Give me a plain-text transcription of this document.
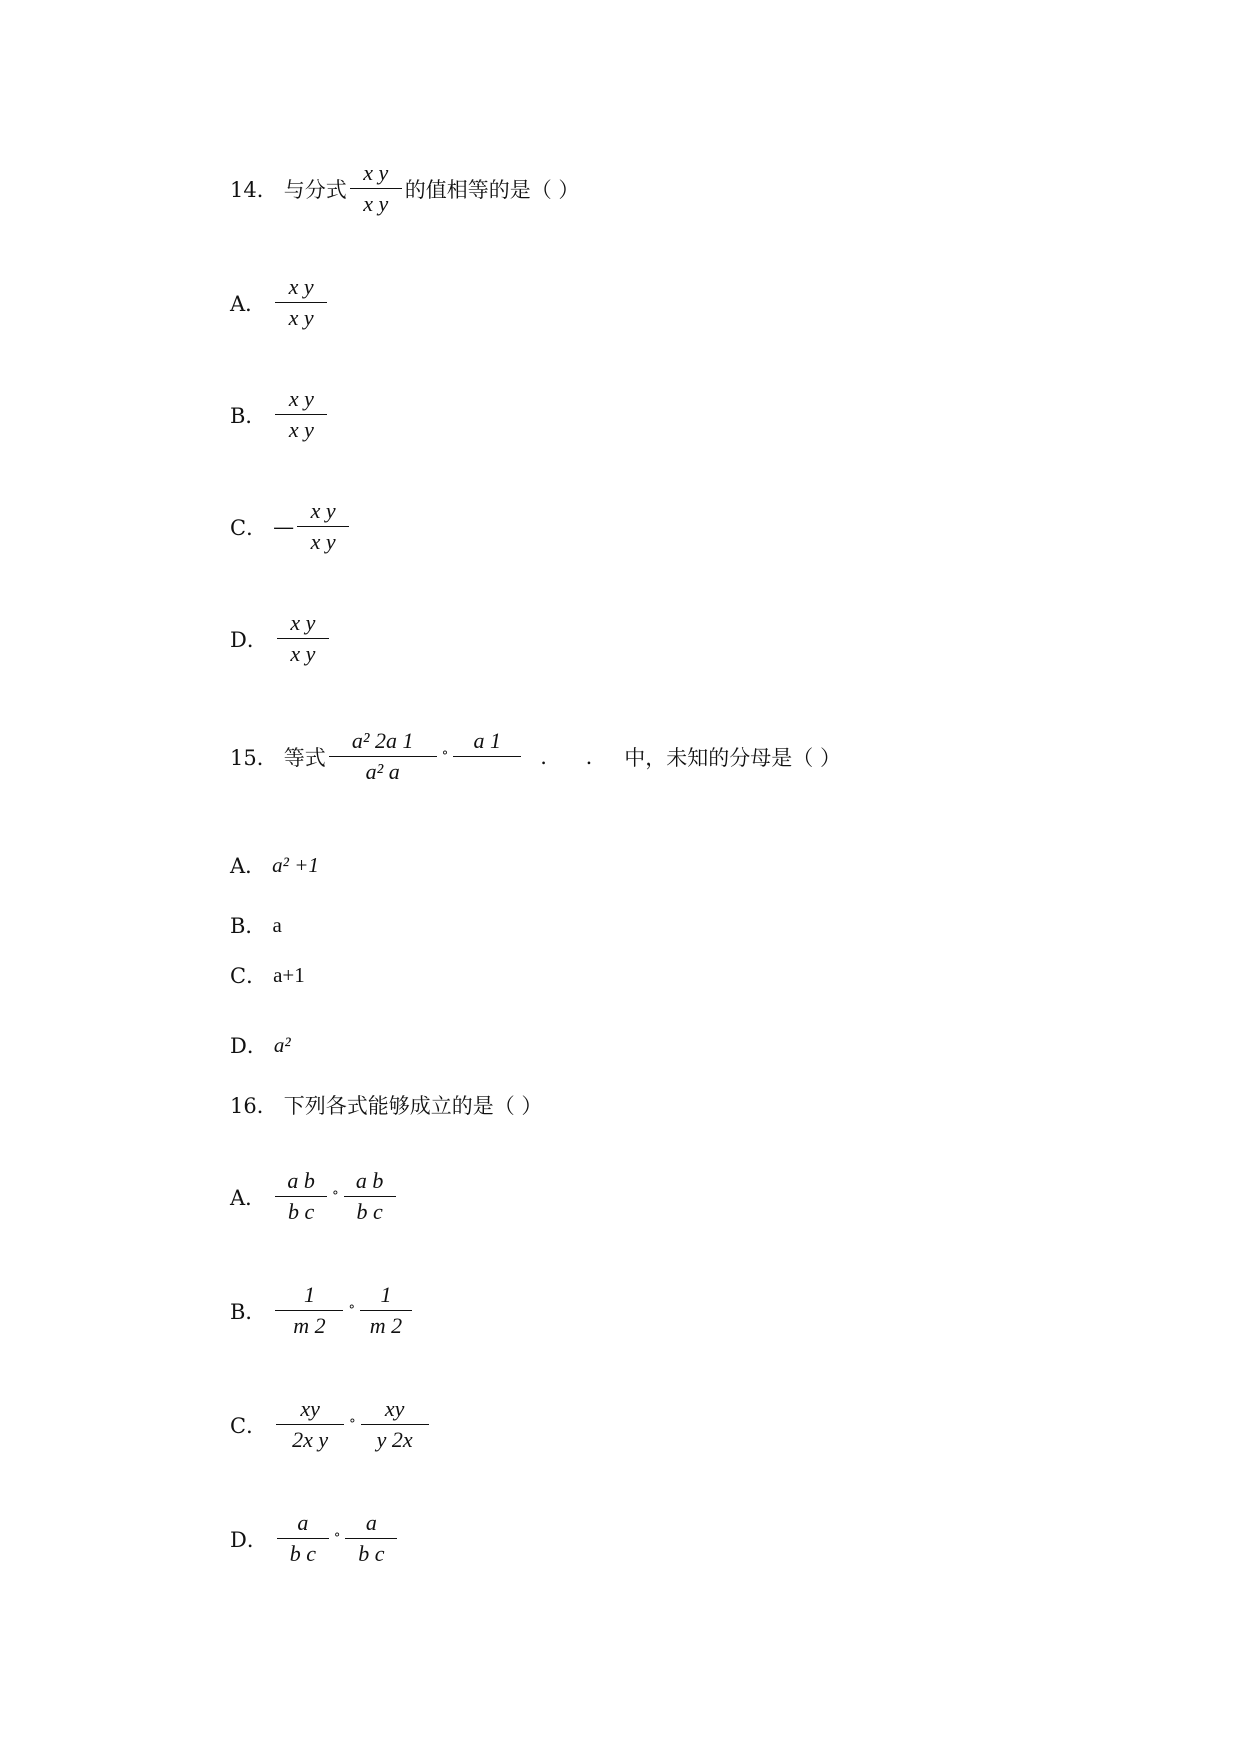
14． 与分式 $\frac{\text{x y}}{\text{x y}}$ 的值相等的是（ ）
A． $\frac{\text{x y}}{\text{x y}}$
B． $\frac{\text{x y}}{\text{x y}}$
C． — $\frac{\text{x y}}{\text{x y}}$
D． $\frac{\text{x y}}{\text{x y}}$
15． 等式 $\frac{\text{a² 2a 1}}{\text{a² a}}$ °
a 1

. . 中，未知的分母是（ ）
A． a² +1
B． a
C． a+1
D． a²
16． 下列各式能够成立的是（ ）
A． $\frac{\text{a b}}{\text{b c}}$ ° $\frac{\text{a b}}{\text{b c}}$
B． $\frac{1}{m 2}$ ° $\frac{1}{m 2}$
C． $\frac{xy}{\text{2x y}}$ ° $\frac{xy}{y 2x}$
D． $\frac{a}{\text{b c}}$ ° $\frac{a}{\text{b c}}$
